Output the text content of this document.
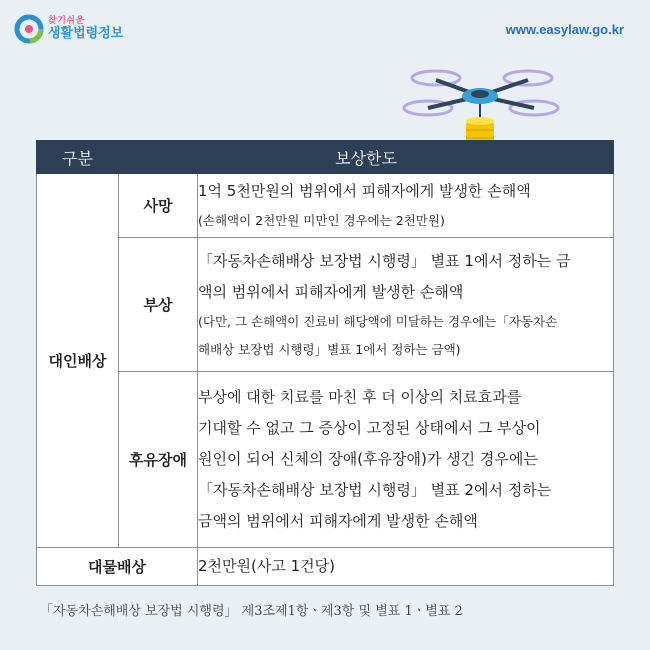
찾기쉬운
생활법령정보	www.easylaw.go.kr
구분	보상한도	
대인배상	사망	1억 5천만원의 범위에서 피해자에게 발생한 손해액
(손해액이 2천만원 미만인 경우에는 2천만원)

	부상	「자동차손해배상 보장법 시행령」 별표 1에서 정하는 금
액의 범위에서 피해자에게 발생한 손해액
(다만, 그 손해액이 진료비 해당액에 미달하는 경우에는「자동차손
해배상 보장법 시행령」별표 1에서 정하는 금액)

	후유장애	부상에 대한 치료를 마친 후 더 이상의 치료효과를
기대할 수 없고 그 증상이 고정된 상태에서 그 부상이
원인이 되어 신체의 장애(후유장애)가 생긴 경우에는
「자동차손해배상 보장법 시행령」 별표 2에서 정하는
금액의 범위에서 피해자에게 발생한 손해액

대물배상		2천만원(사고 1건당)
「자동차손해배상 보장법 시행령」 제3조제1항ㆍ제3항 및 별표 1ㆍ별표 2
